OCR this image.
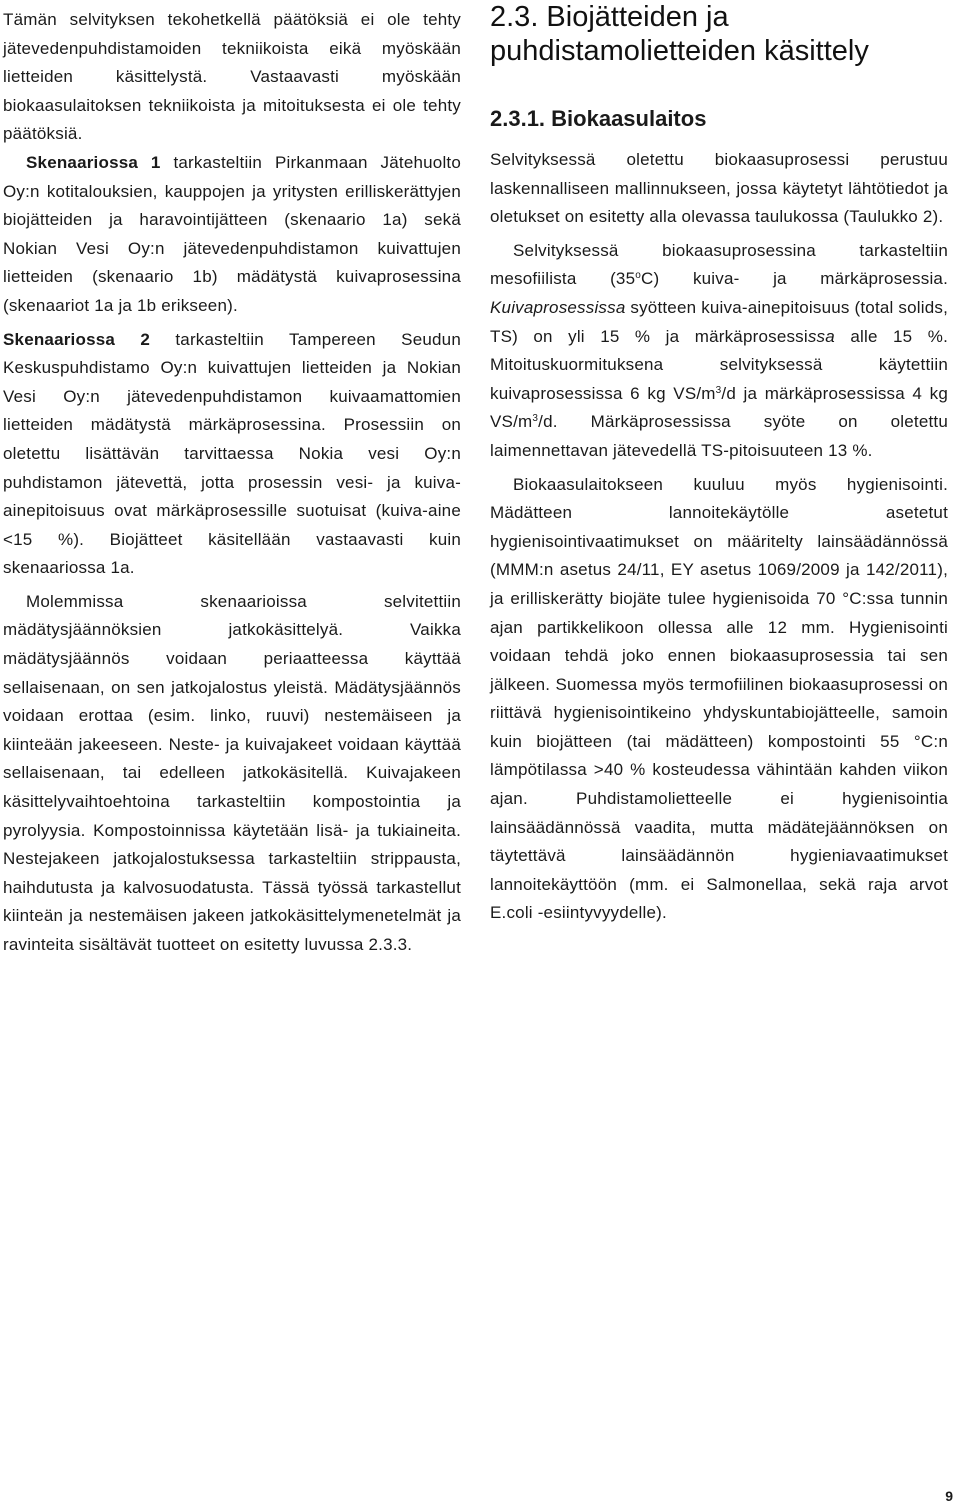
Tämän selvityksen tekohetkellä päätöksiä ei ole tehty jätevedenpuhdistamoiden tekniikoista eikä myöskään lietteiden käsittelystä. Vastaavasti myöskään biokaasulaitoksen tekniikoista ja mitoituksesta ei ole tehty päätöksiä.

Skenaariossa 1 tarkasteltiin Pirkanmaan Jätehuolto Oy:n kotitalouksien, kauppojen ja yritysten erilliskerättyjen biojätteiden ja haravointijätteen (skenaario 1a) sekä Nokian Vesi Oy:n jätevedenpuhdistamon kuivattujen lietteiden (skenaario 1b) mädätystä kuivaprosessina (skenaariot 1a ja 1b erikseen).

Skenaariossa 2 tarkasteltiin Tampereen Seudun Keskuspuhdistamo Oy:n kuivattujen lietteiden ja Nokian Vesi Oy:n jätevedenpuhdistamon kuivaamattomien lietteiden mädätystä märkäprosessina. Prosessiin on oletettu lisättävän tarvittaessa Nokia vesi Oy:n puhdistamon jätevettä, jotta prosessin vesi- ja kuiva-ainepitoisuus ovat märkäprosessille suotuisat (kuiva-aine <15 %). Biojätteet käsitellään vastaavasti kuin skenaariossa 1a.

Molemmissa skenaarioissa selvitettiin mädätysjäännöksien jatkokäsittelyä. Vaikka mädätysjäännös voidaan periaatteessa käyttää sellaisenaan, on sen jatkojalostus yleistä. Mädätysjäännös voidaan erottaa (esim. linko, ruuvi) nestemäiseen ja kiinteään jakeeseen. Neste- ja kuivajakeet voidaan käyttää sellaisenaan, tai edelleen jatkokäsitellä. Kuivajakeen käsittelyvaihtoehtoina tarkasteltiin kompostointia ja pyrolyysia. Kompostoinnissa käytetään lisä- ja tukiaineita. Nestejakeen jatkojalostuksessa tarkasteltiin strippausta, haihdutusta ja kalvosuodatusta. Tässä työssä tarkastellut kiinteän ja nestemäisen jakeen jatkokäsittelymenetelmät ja ravinteita sisältävät tuotteet on esitetty luvussa 2.3.3.

2.3. Biojätteiden ja puhdistamolietteiden käsittely
2.3.1. Biokaasulaitos

Selvityksessä oletettu biokaasuprosessi perustuu laskennalliseen mallinnukseen, jossa käytetyt lähtötiedot ja oletukset on esitetty alla olevassa taulukossa (Taulukko 2).

Selvityksessä biokaasuprosessina tarkasteltiin mesofiilista (35$^o$C) kuiva- ja märkäprosessia. Kuivaprosessissa syötteen kuiva-ainepitoisuus (total solids, TS) on yli 15 % ja märkäprosessissa alle 15 %. Mitoituskuormituksena selvityksessä käytettiin kuivaprosessissa 6 kg $VS/m^3/d$ ja märkäprosessissa 4 kg $VS/m^3/d$. Märkäprosessissa syöte on oletettu laimennettavan jätevedellä TS-pitoisuuteen 13 %.

Biokaasulaitokseen kuuluu myös hygienisointi. Mädätteen lannoitekäytölle asetetut hygienisointivaatimukset on määritelty lainsäädännössä (MMM:n asetus 24/11, EY asetus 1069/2009 ja 142/2011), ja erilliskerätty biojäte tulee hygienisoida 70 °C:ssa tunnin ajan partikkelikoon ollessa alle 12 mm. Hygienisointi voidaan tehdä joko ennen biokaasuprosessia tai sen jälkeen. Suomessa myös termofiilinen biokaasuprosessi on riittävä hygienisointikeino yhdyskuntabiojätteelle, samoin kuin biojätteen (tai mädätteen) kompostointi 55 °C:n lämpötilassa >40 % kosteudessa vähintään kahden viikon ajan. Puhdistamolietteelle ei hygienisointia lainsäädännössä vaadita, mutta mädätejäännöksen on täytettävä lainsäädännön hygieniavaatimukset lannoitekäyttöön (mm. ei Salmonellaa, sekä raja arvot E.coli -esiintyvyydelle).

9
